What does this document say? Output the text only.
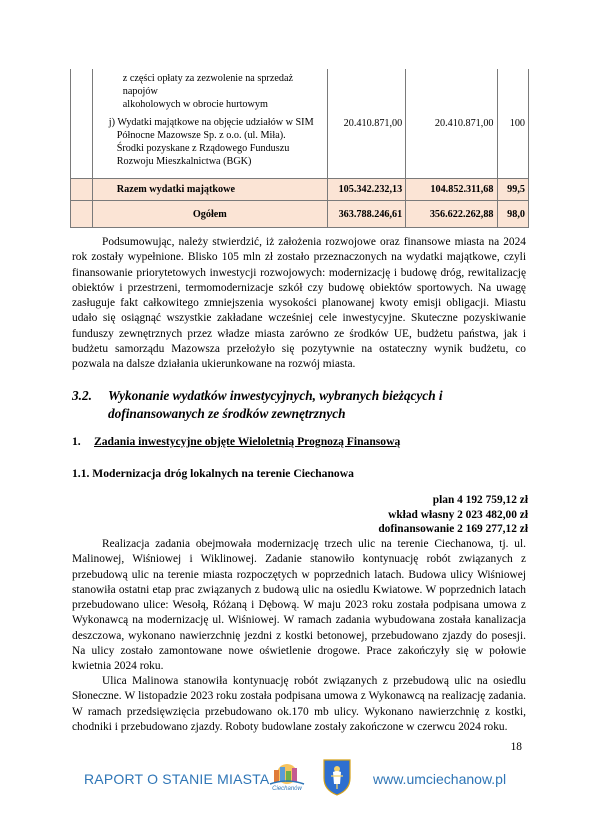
	z części opłaty za zezwolenie na sprzedaż napojów
alkoholowych w obrocie hurtowym			

	j) Wydatki majątkowe na objęcie udziałów w SIM
Północne Mazowsze Sp. z o.o. (ul. Miła).
Środki pozyskane z Rządowego Funduszu
Rozwoju Mieszkalnictwa (BGK)	20.410.871,00	20.410.871,00	100
	Razem wydatki majątkowe	105.342.232,13	104.852.311,68	99,5
	Ogółem	363.788.246,61	356.622.262,88	98,0
Podsumowując, należy stwierdzić, iż założenia rozwojowe oraz finansowe miasta na 2024 rok zostały wypełnione. Blisko 105 mln zł zostało przeznaczonych na wydatki majątkowe, czyli finansowanie priorytetowych inwestycji rozwojowych: modernizację i budowę dróg, rewitalizację obiektów i przestrzeni, termomodernizacje szkół czy budowę obiektów sportowych. Na uwagę zasługuje fakt całkowitego zmniejszenia wysokości planowanej kwoty emisji obligacji. Miastu udało się osiągnąć wszystkie zakładane wcześniej cele inwestycyjne. Skuteczne pozyskiwanie funduszy zewnętrznych przez władze miasta zarówno ze środków UE, budżetu państwa, jak i budżetu samorządu Mazowsza przełożyło się pozytywnie na ostateczny wynik budżetu, co pozwala na dalsze działania ukierunkowane na rozwój miasta.
3.2. Wykonanie wydatków inwestycyjnych, wybranych bieżących i
dofinansowanych ze środków zewnętrznych
1. Zadania inwestycyjne objęte Wieloletnią Prognozą Finansową
1.1. Modernizacja dróg lokalnych na terenie Ciechanowa
plan 4 192 759,12 zł
wkład własny 2 023 482,00 zł
dofinansowanie 2 169 277,12 zł
Realizacja zadania obejmowała modernizację trzech ulic na terenie Ciechanowa, tj. ul. Malinowej, Wiśniowej i Wiklinowej. Zadanie stanowiło kontynuację robót związanych z przebudową ulic na terenie miasta rozpoczętych w poprzednich latach. Budowa ulicy Wiśniowej stanowiła ostatni etap prac związanych z budową ulic na osiedlu Kwiatowe. W poprzednich latach przebudowano ulice: Wesołą, Różaną i Dębową. W maju 2023 roku została podpisana umowa z Wykonawcą na modernizację ul. Wiśniowej. W ramach zadania wybudowana została kanalizacja deszczowa, wykonano nawierzchnię jezdni z kostki betonowej, przebudowano zjazdy do posesji. Na ulicy zostało zamontowane nowe oświetlenie drogowe. Prace zakończyły się w połowie kwietnia 2024 roku.
Ulica Malinowa stanowiła kontynuację robót związanych z przebudową ulic na osiedlu Słoneczne. W listopadzie 2023 roku została podpisana umowa z Wykonawcą na realizację zadania. W ramach przedsięwzięcia przebudowano ok.170 mb ulicy. Wykonano nawierzchnię z kostki, chodniki i przebudowano zjazdy. Roboty budowlane zostały zakończone w czerwcu 2024 roku.
18
RAPORT O STANIE MIASTA
Ciechanów
www.umciechanow.pl
